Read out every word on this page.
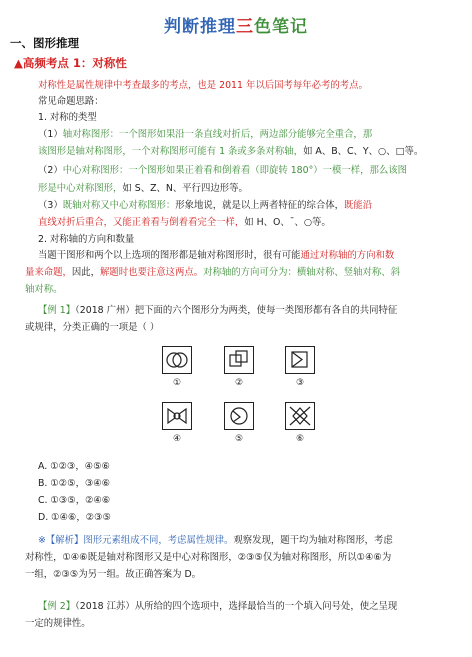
判断推理三色笔记
一、图形推理
▲高频考点 1：对称性
对称性是属性规律中考查最多的考点，也是 2011 年以后国考每年必考的考点。
常见命题思路：
1. 对称的类型
（1）轴对称图形：一个图形如果沿一条直线对折后，两边部分能够完全重合，那
该图形是轴对称图形，一个对称图形可能有 1 条或多条对称轴，如 A、B、C、Y、○、□等。
（2）中心对称图形：一个图形如果正着看和倒着看（即旋转 180°）一模一样，那么该图
形是中心对称图形，如 S、Z、N、平行四边形等。
（3）既轴对称又中心对称图形：形象地说，就是以上两者特征的综合体，既能沿
直线对折后重合，又能正着看与倒着看完全一样，如 H、O、ˉ、○等。
2. 对称轴的方向和数量
当题干图形和两个以上选项的图形都是轴对称图形时，很有可能通过对称轴的方向和数
量来命题，因此，解题时也要注意这两点。对称轴的方向可分为：横轴对称、竖轴对称、斜
轴对称。
【例 1】（2018 广州）把下面的六个图形分为两类，使每一类图形都有各自的共同特征
或规律，分类正确的一项是（ ）
①	②	③
④	⑤	⑥
A. ①②③，④⑤⑥
B. ①②⑤，③④⑥
C. ①③⑤，②④⑥
D. ①④⑥，②③⑤
※【解析】图形元素组成不同，考虑属性规律。观察发现，题干均为轴对称图形，考虑
对称性，①④⑥既是轴对称图形又是中心对称图形，②③⑤仅为轴对称图形，所以①④⑥为
一组，②③⑤为另一组。故正确答案为 D。
【例 2】（2018 江苏）从所给的四个选项中，选择最恰当的一个填入问号处，使之呈现
一定的规律性。
